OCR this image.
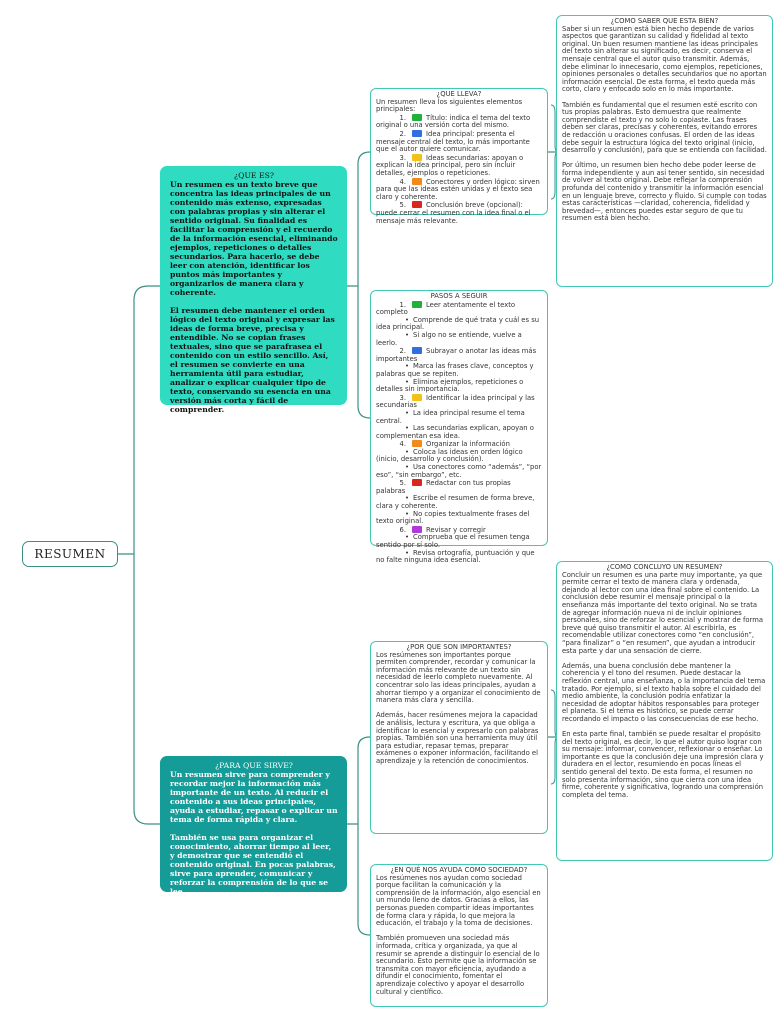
RESUMEN
¿QUE ES?

Un resumen es un texto breve que concentra las ideas principales de un contenido más extenso, expresadas con palabras propias y sin alterar el sentido original. Su finalidad es facilitar la comprensión y el recuerdo de la información esencial, eliminando ejemplos, repeticiones o detalles secundarios. Para hacerlo, se debe leer con atención, identificar los puntos más importantes y organizarlos de manera clara y coherente.

El resumen debe mantener el orden lógico del texto original y expresar las ideas de forma breve, precisa y entendible. No se copian frases textuales, sino que se parafrasea el contenido con un estilo sencillo. Así, el resumen se convierte en una herramienta útil para estudiar, analizar o explicar cualquier tipo de texto, conservando su esencia en una versión más corta y fácil de comprender.

¿PARA QUE SIRVE?

Un resumen sirve para comprender y recordar mejor la información más importante de un texto. Al reducir el contenido a sus ideas principales, ayuda a estudiar, repasar o explicar un tema de forma rápida y clara.

También se usa para organizar el conocimiento, ahorrar tiempo al leer, y demostrar que se entendió el contenido original. En pocas palabras, sirve para aprender, comunicar y reforzar la comprensión de lo que se lee.

¿QUE LLEVA?

Un resumen lleva los siguientes elementos principales:

1.	Título: indica el tema del texto original o una versión corta del mismo.
2.	Idea principal: presenta el mensaje central del texto, lo más importante que el autor quiere comunicar.
3.	Ideas secundarias: apoyan o explican la idea principal, pero sin incluir detalles, ejemplos o repeticiones.
4.	Conectores y orden lógico: sirven para que las ideas estén unidas y el texto sea claro y coherente.
5.	Conclusión breve (opcional): puede cerrar el resumen con la idea final o el mensaje más relevante.
PASOS A SEGUIR
1.	Leer atentamente el texto completo
• Comprende de qué trata y cuál es su idea principal.
• Si algo no se entiende, vuelve a leerlo.
2.	Subrayar o anotar las ideas más importantes
• Marca las frases clave, conceptos y palabras que se repiten.
• Elimina ejemplos, repeticiones o detalles sin importancia.
3.	Identificar la idea principal y las secundarias
• La idea principal resume el tema central.
• Las secundarias explican, apoyan o complementan esa idea.
4.	Organizar la información
• Coloca las ideas en orden lógico (inicio, desarrollo y conclusión).
• Usa conectores como “además”, “por eso”, “sin embargo”, etc.
5.	Redactar con tus propias palabras
• Escribe el resumen de forma breve, clara y coherente.
• No copies textualmente frases del texto original.
6.	Revisar y corregir
• Comprueba que el resumen tenga sentido por sí solo.
• Revisa ortografía, puntuación y que no falte ninguna idea esencial.
¿COMO SABER QUE ESTA BIEN?

Saber si un resumen está bien hecho depende de varios aspectos que garantizan su calidad y fidelidad al texto original. Un buen resumen mantiene las ideas principales del texto sin alterar su significado, es decir, conserva el mensaje central que el autor quiso transmitir. Además, debe eliminar lo innecesario, como ejemplos, repeticiones, opiniones personales o detalles secundarios que no aportan información esencial. De esta forma, el texto queda más corto, claro y enfocado solo en lo más importante.

También es fundamental que el resumen esté escrito con tus propias palabras. Esto demuestra que realmente comprendiste el texto y no solo lo copiaste. Las frases deben ser claras, precisas y coherentes, evitando errores de redacción u oraciones confusas. El orden de las ideas debe seguir la estructura lógica del texto original (inicio, desarrollo y conclusión), para que se entienda con facilidad.

Por último, un resumen bien hecho debe poder leerse de forma independiente y aun así tener sentido, sin necesidad de volver al texto original. Debe reflejar la comprensión profunda del contenido y transmitir la información esencial en un lenguaje breve, correcto y fluido. Si cumple con todas estas características —claridad, coherencia, fidelidad y brevedad—, entonces puedes estar seguro de que tu resumen está bien hecho.

¿POR QUE SON IMPORTANTES?

Los resúmenes son importantes porque permiten comprender, recordar y comunicar la información más relevante de un texto sin necesidad de leerlo completo nuevamente. Al concentrar solo las ideas principales, ayudan a ahorrar tiempo y a organizar el conocimiento de manera más clara y sencilla.

Además, hacer resúmenes mejora la capacidad de análisis, lectura y escritura, ya que obliga a identificar lo esencial y expresarlo con palabras propias. También son una herramienta muy útil para estudiar, repasar temas, preparar exámenes o exponer información, facilitando el aprendizaje y la retención de conocimientos.

¿EN QUÉ NOS AYUDA COMO SOCIEDAD?

Los resúmenes nos ayudan como sociedad porque facilitan la comunicación y la comprensión de la información, algo esencial en un mundo lleno de datos. Gracias a ellos, las personas pueden compartir ideas importantes de forma clara y rápida, lo que mejora la educación, el trabajo y la toma de decisiones.

También promueven una sociedad más informada, crítica y organizada, ya que al resumir se aprende a distinguir lo esencial de lo secundario. Esto permite que la información se transmita con mayor eficiencia, ayudando a difundir el conocimiento, fomentar el aprendizaje colectivo y apoyar el desarrollo cultural y científico.

¿COMO CONCLUYO UN RESUMEN?

Concluir un resumen es una parte muy importante, ya que permite cerrar el texto de manera clara y ordenada, dejando al lector con una idea final sobre el contenido. La conclusión debe resumir el mensaje principal o la enseñanza más importante del texto original. No se trata de agregar información nueva ni de incluir opiniones personales, sino de reforzar lo esencial y mostrar de forma breve qué quiso transmitir el autor. Al escribirla, es recomendable utilizar conectores como “en conclusión”, “para finalizar” o “en resumen”, que ayudan a introducir esta parte y dar una sensación de cierre.

Además, una buena conclusión debe mantener la coherencia y el tono del resumen. Puede destacar la reflexión central, una enseñanza, o la importancia del tema tratado. Por ejemplo, si el texto habla sobre el cuidado del medio ambiente, la conclusión podría enfatizar la necesidad de adoptar hábitos responsables para proteger el planeta. Si el tema es histórico, se puede cerrar recordando el impacto o las consecuencias de ese hecho.

En esta parte final, también se puede resaltar el propósito del texto original, es decir, lo que el autor quiso lograr con su mensaje: informar, convencer, reflexionar o enseñar. Lo importante es que la conclusión deje una impresión clara y duradera en el lector, resumiendo en pocas líneas el sentido general del texto. De esta forma, el resumen no solo presenta información, sino que cierra con una idea firme, coherente y significativa, logrando una comprensión completa del tema.
